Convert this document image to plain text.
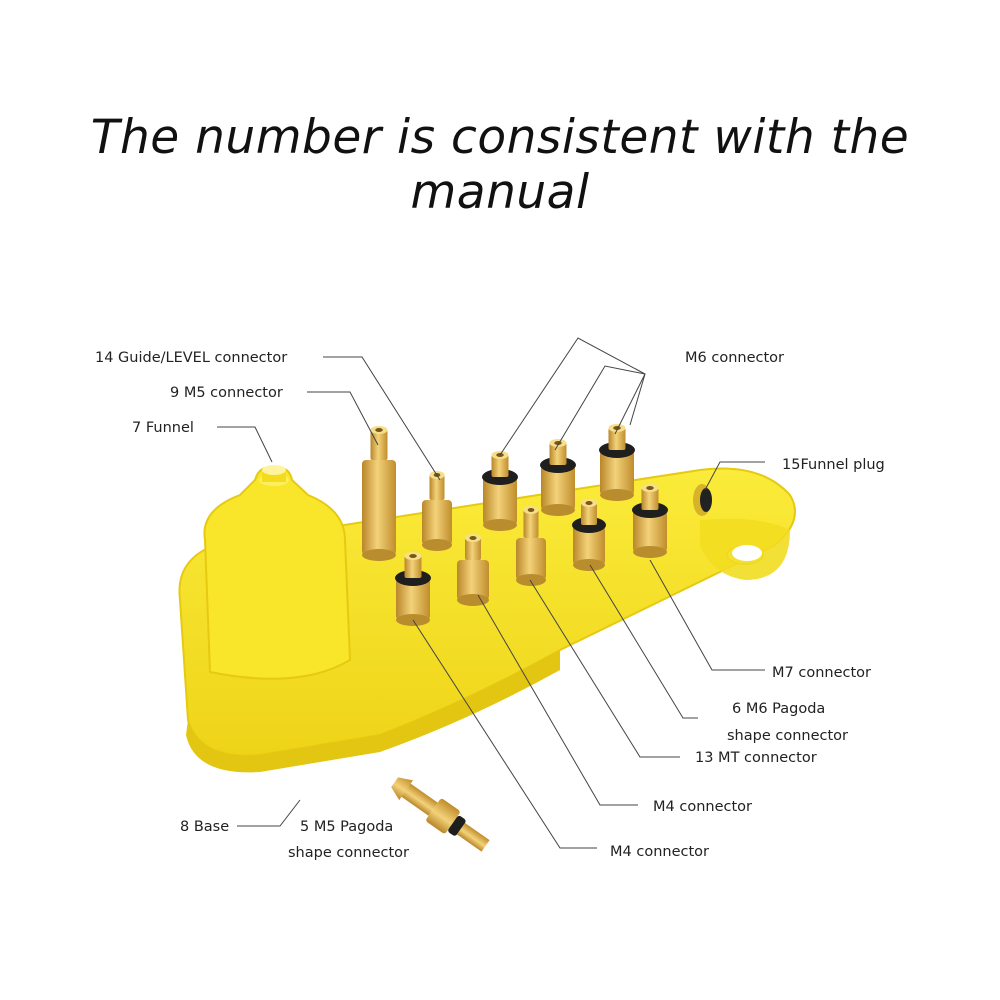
The number is consistent with the manual
14 Guide/LEVEL connector
9 M5 connector
7 Funnel
M6 connector
15Funnel plug
M7 connector
6 M6 Pagoda
shape connector
13 MT connector
M4 connector
M4 connector
8 Base	5 M5 Pagoda
shape connector
